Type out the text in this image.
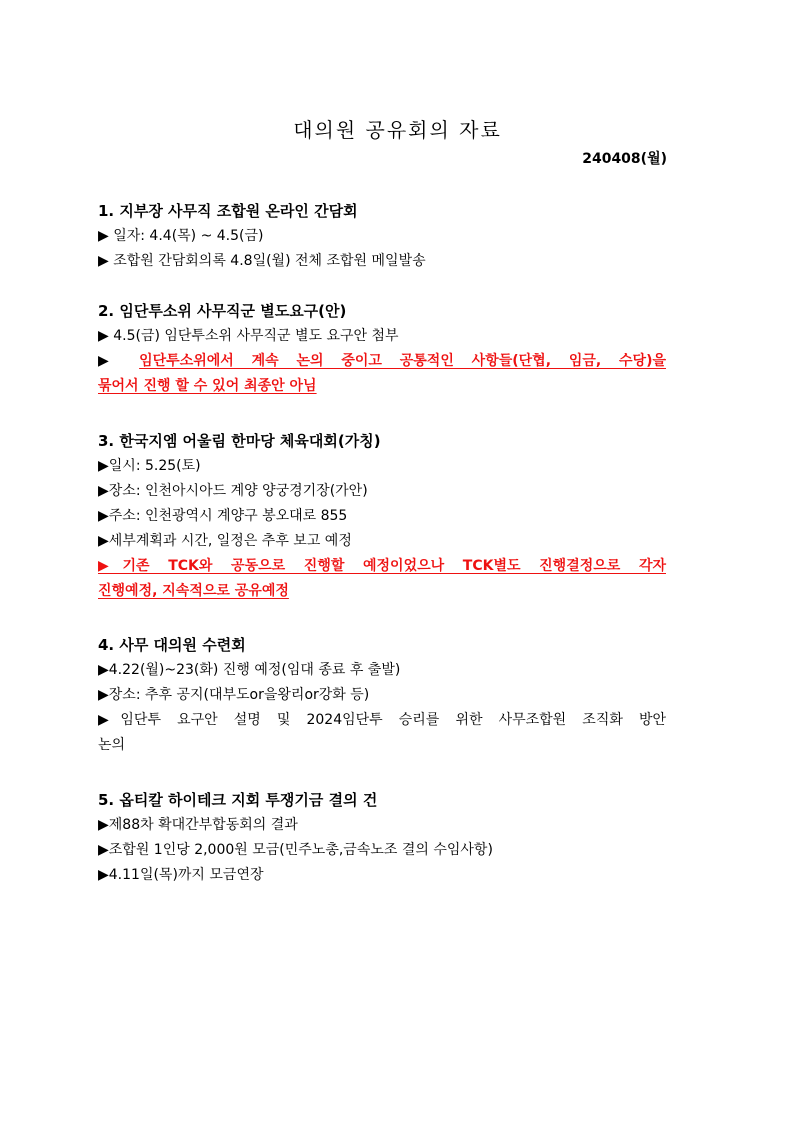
대의원 공유회의 자료
240408(월)
1. 지부장 사무직 조합원 온라인 간담회
▶ 일자: 4.4(목) ~ 4.5(금)
▶ 조합원 간담회의록 4.8일(월) 전체 조합원 메일발송
2. 임단투소위 사무직군 별도요구(안)
▶ 4.5(금) 임단투소위 사무직군 별도 요구안 첨부
▶ 임단투소위에서 계속 논의 중이고 공통적인 사항들(단협, 임금, 수당)을
묶어서 진행 할 수 있어 최종안 아님
3. 한국지엠 어울림 한마당 체육대회(가칭)
▶일시: 5.25(토)
▶장소: 인천아시아드 계양 양궁경기장(가안)
▶주소: 인천광역시 계양구 봉오대로 855
▶세부계획과 시간, 일정은 추후 보고 예정
▶기존 TCK와 공동으로 진행할 예정이었으나 TCK별도 진행결정으로 각자
진행예정, 지속적으로 공유예정
4. 사무 대의원 수련회
▶4.22(월)~23(화) 진행 예정(임대 종료 후 출발)
▶장소: 추후 공지(대부도or을왕리or강화 등)
▶임단투 요구안 설명 및 2024임단투 승리를 위한 사무조합원 조직화 방안
논의
5. 옵티칼 하이테크 지회 투쟁기금 결의 건
▶제88차 확대간부합동회의 결과
▶조합원 1인당 2,000원 모금(민주노총,금속노조 결의 수임사항)
▶4.11일(목)까지 모금연장
